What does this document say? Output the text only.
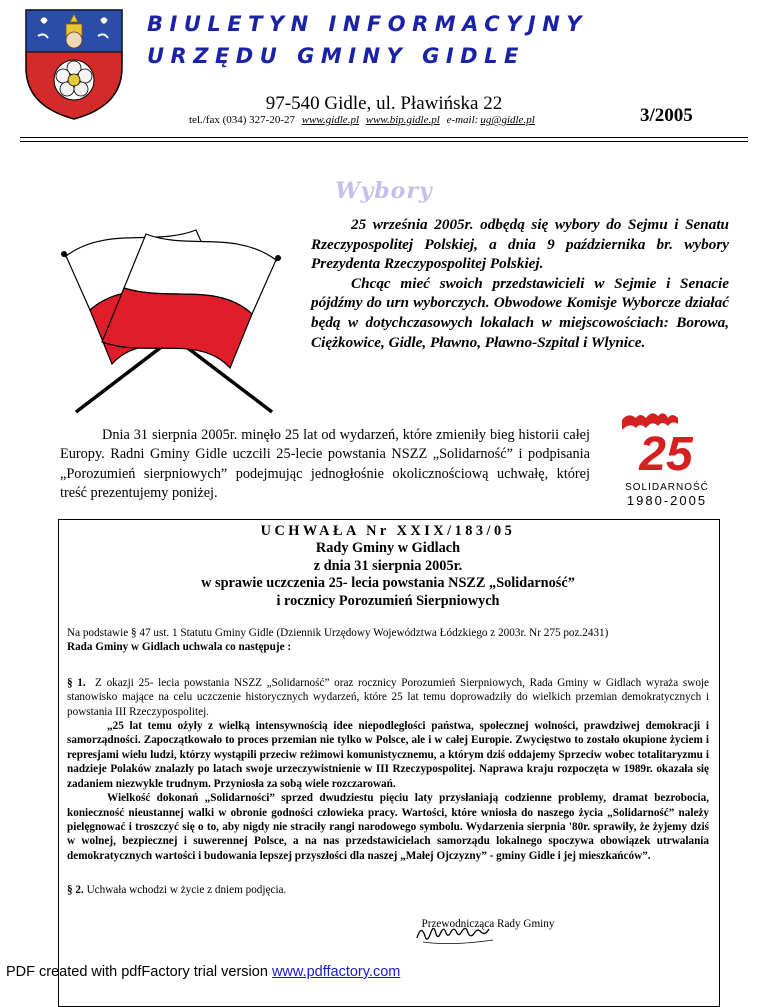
BIULETYN INFORMACYJNY
URZĘDU GMINY GIDLE
97-540 Gidle, ul. Pławińska 22
tel./fax (034) 327-20-27 www.gidle.pl www.bip.gidle.pl e-mail: ug@gidle.pl	3/2005
Wybory

25 września 2005r. odbędą się wybory do Sejmu i Senatu Rzeczypospolitej Polskiej, a dnia 9 października br. wybory Prezydenta Rzeczypospolitej Polskiej.

Chcąc mieć swoich przedstawicieli w Sejmie i Senacie pójdźmy do urn wyborczych. Obwodowe Komisje Wyborcze działać będą w dotychczasowych lokalach w miejscowościach: Borowa, Ciężkowice, Gidle, Pławno, Pławno-Szpital i Wlynice.

Dnia 31 sierpnia 2005r. minęło 25 lat od wydarzeń, które zmieniły bieg historii całej Europy. Radni Gminy Gidle uczcili 25-lecie powstania NSZZ „Solidarność” i podpisania „Porozumień sierpniowych” podejmując jednogłośnie okolicznościową uchwałę, której treść prezentujemy poniżej.

25
SOLIDARNOŚĆ
1980-2005
UCHWAŁA Nr XXIX/183/05
Rady Gminy w Gidlach
z dnia 31 sierpnia 2005r.
w sprawie uczczenia 25- lecia powstania NSZZ „Solidarność”
i rocznicy Porozumień Sierpniowych

Na podstawie § 47 ust. 1 Statutu Gminy Gidle (Dziennik Urzędowy Województwa Łódzkiego z 2003r. Nr 275 poz.2431)

Rada Gminy w Gidlach uchwala co następuje :

§ 1. Z okazji 25- lecia powstania NSZZ „Solidarność” oraz rocznicy Porozumień Sierpniowych, Rada Gminy w Gidlach wyraża swoje stanowisko mające na celu uczczenie historycznych wydarzeń, które 25 lat temu doprowadziły do wielkich przemian demokratycznych i powstania III Rzeczypospolitej.

„25 lat temu ożyły z wielką intensywnością idee niepodległości państwa, społecznej wolności, prawdziwej demokracji i samorządności. Zapoczątkowało to proces przemian nie tylko w Polsce, ale i w całej Europie. Zwycięstwo to zostało okupione życiem i represjami wielu ludzi, którzy wystąpili przeciw reżimowi komunistycznemu, a którym dziś oddajemy Sprzeciw wobec totalitaryzmu i nadzieje Polaków znalazły po latach swoje urzeczywistnienie w III Rzeczypospolitej. Naprawa kraju rozpoczęta w 1989r. okazała się zadaniem niezwykle trudnym. Przyniosła za sobą wiele rozczarowań.

Wielkość dokonań „Solidarności” sprzed dwudziestu pięciu laty przysłaniają codzienne problemy, dramat bezrobocia, konieczność nieustannej walki w obronie godności człowieka pracy. Wartości, które wniosła do naszego życia „Solidarność” należy pielęgnować i troszczyć się o to, aby nigdy nie straciły rangi narodowego symbolu. Wydarzenia sierpnia '80r. sprawiły, że żyjemy dziś w wolnej, bezpiecznej i suwerennej Polsce, a na nas przedstawicielach samorządu lokalnego spoczywa obowiązek utrwalania demokratycznych wartości i budowania lepszej przyszłości dla naszej „Małej Ojczyzny” - gminy Gidle i jej mieszkańców”.

§ 2. Uchwała wchodzi w życie z dniem podjęcia.

Przewodnicząca Rady Gminy
PDF created with pdfFactory trial version www.pdffactory.com
